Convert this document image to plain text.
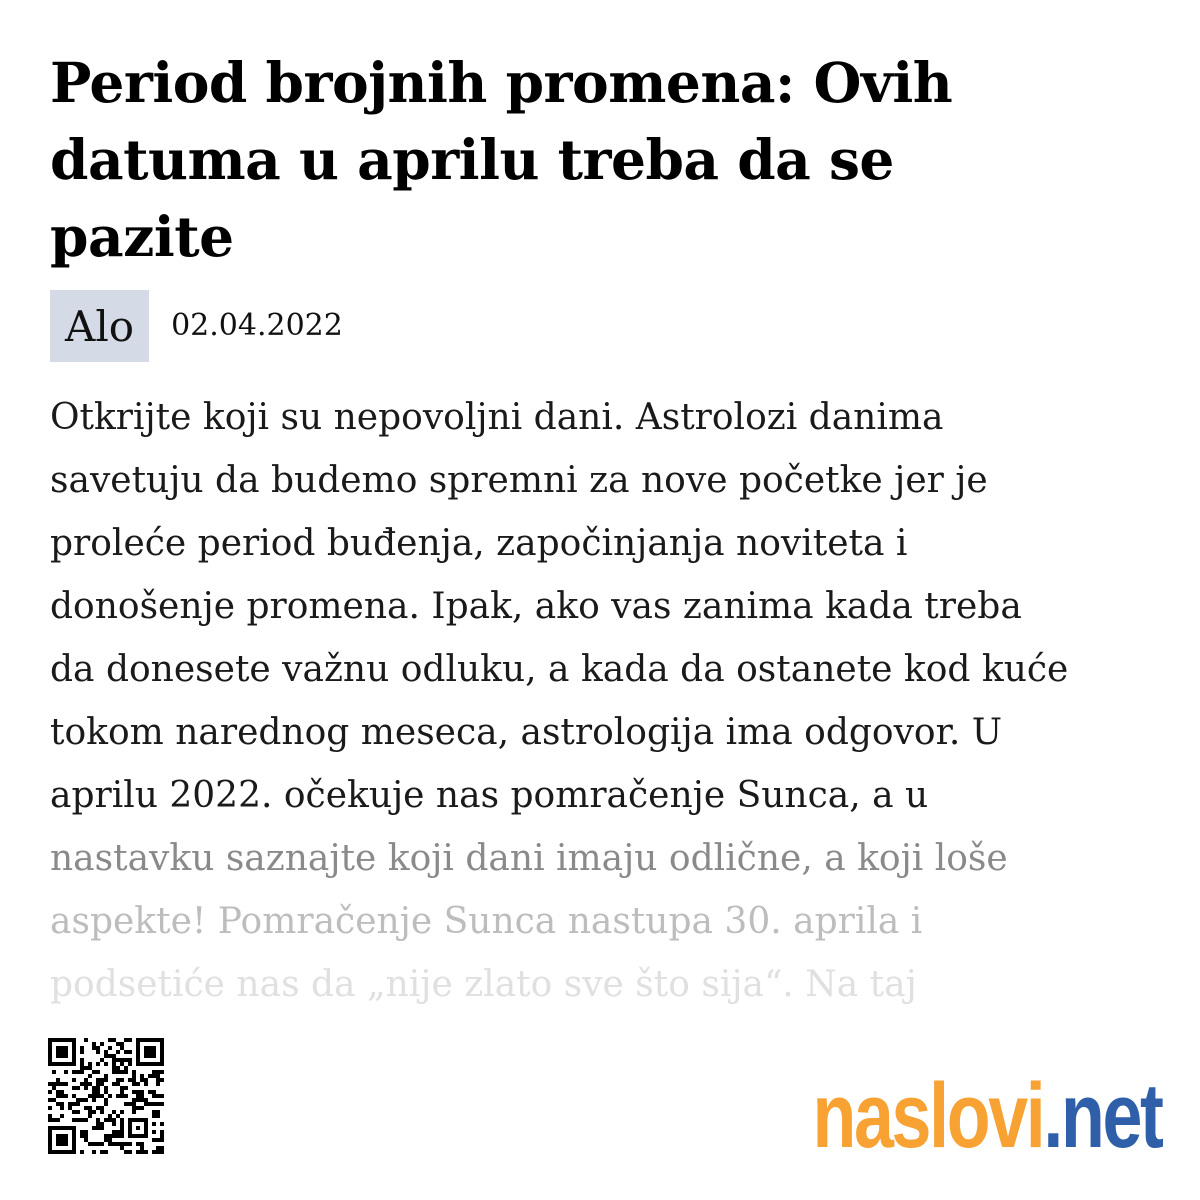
Period brojnih promena: Ovih
datuma u aprilu treba da se
pazite
Alo	02.04.2022
Otkrijte koji su nepovoljni dani. Astrolozi danima
savetuju da budemo spremni za nove početke jer je
proleće period buđenja, započinjanja noviteta i
donošenje promena. Ipak, ako vas zanima kada treba
da donesete važnu odluku, a kada da ostanete kod kuće
tokom narednog meseca, astrologija ima odgovor. U
aprilu 2022. očekuje nas pomračenje Sunca, a u
nastavku saznajte koji dani imaju odlične, a koji loše
aspekte! Pomračenje Sunca nastupa 30. aprila i
podsetiće nas da „nije zlato sve što sija“. Na taj
naslovi.net
